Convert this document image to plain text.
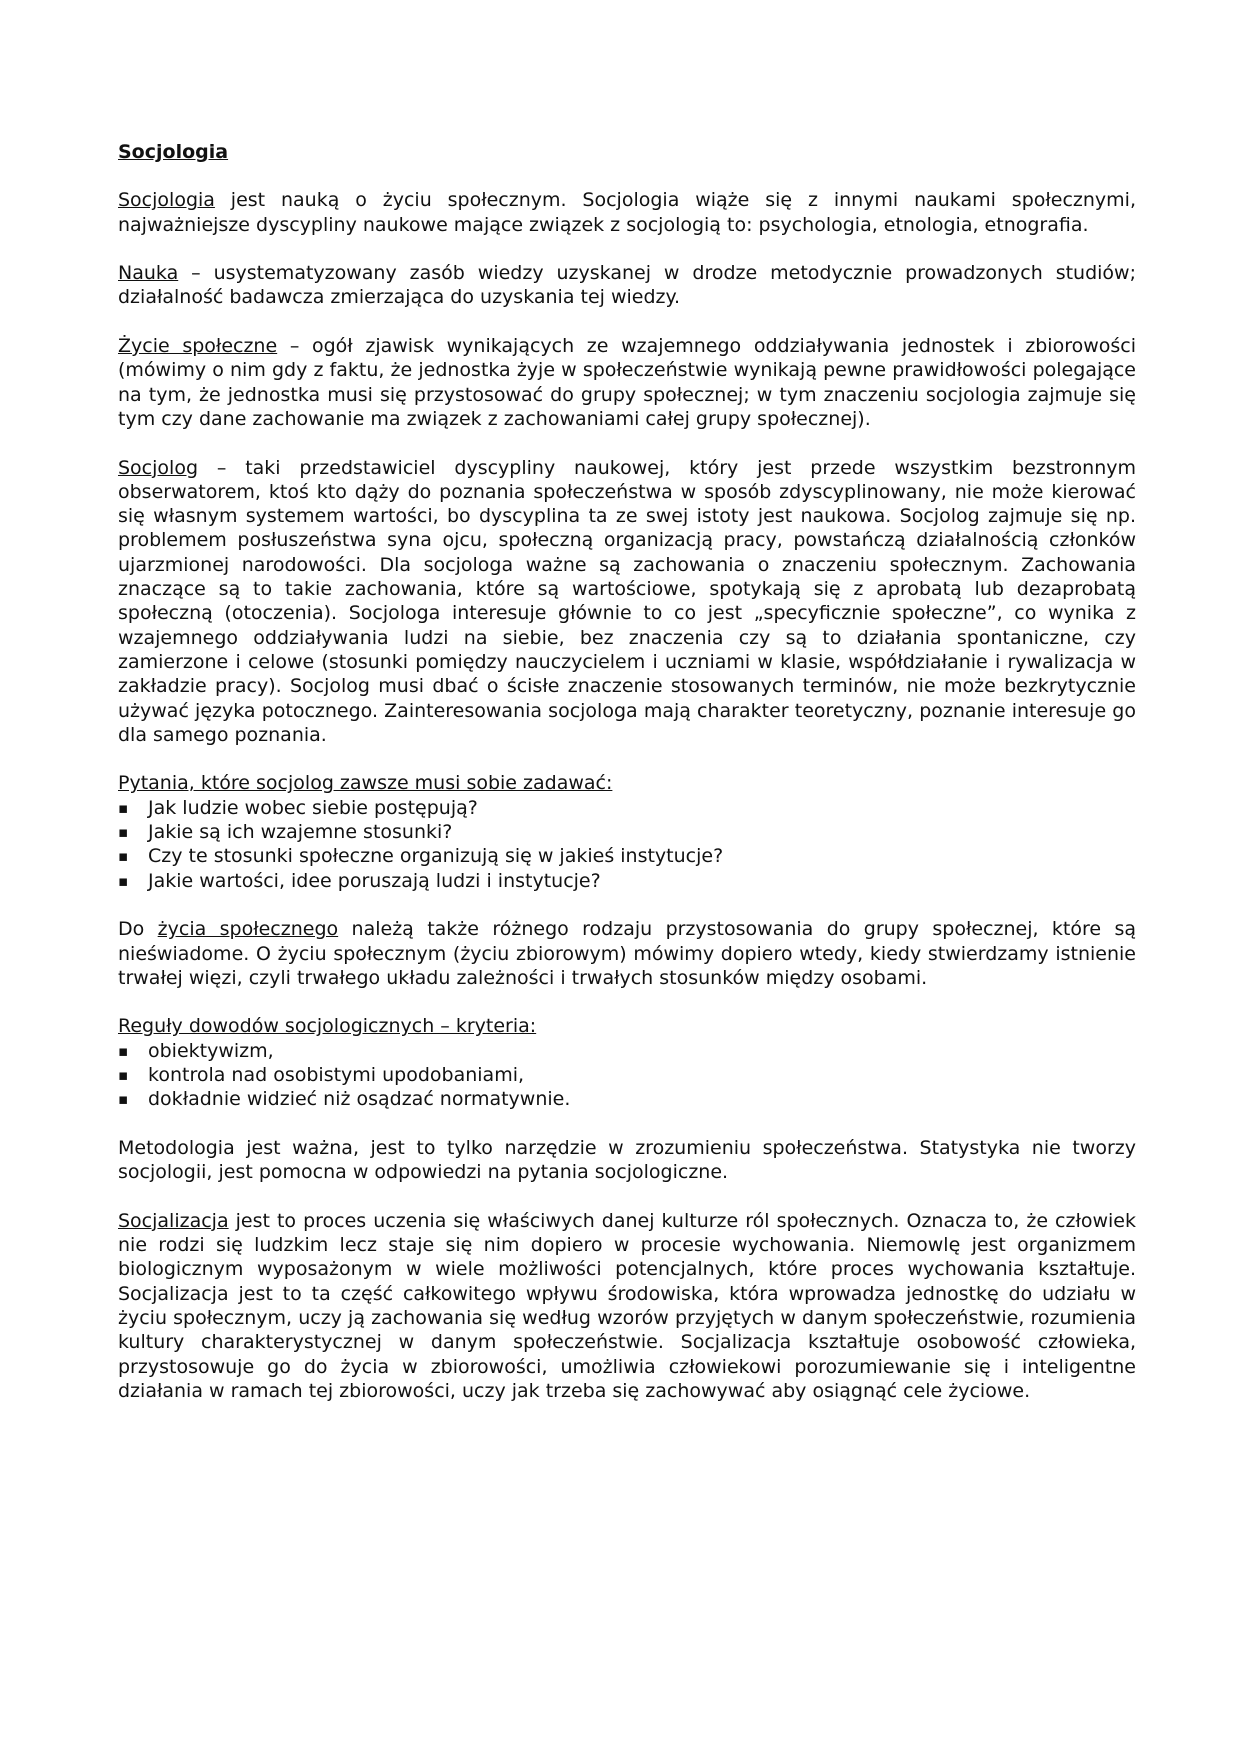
Socjologia

Socjologia jest nauką o życiu społecznym. Socjologia wiąże się z innymi naukami społecznymi, najważniejsze dyscypliny naukowe mające związek z socjologią to: psychologia, etnologia, etnografia.

Nauka – usystematyzowany zasób wiedzy uzyskanej w drodze metodycznie prowadzonych studiów; działalność badawcza zmierzająca do uzyskania tej wiedzy.

Życie społeczne – ogół zjawisk wynikających ze wzajemnego oddziaływania jednostek i zbiorowości (mówimy o nim gdy z faktu, że jednostka żyje w społeczeństwie wynikają pewne prawidłowości polegające na tym, że jednostka musi się przystosować do grupy społecznej; w tym znaczeniu socjologia zajmuje się tym czy dane zachowanie ma związek z zachowaniami całej grupy społecznej).

Socjolog – taki przedstawiciel dyscypliny naukowej, który jest przede wszystkim bezstronnym obserwatorem, ktoś kto dąży do poznania społeczeństwa w sposób zdyscyplinowany, nie może kierować się własnym systemem wartości, bo dyscyplina ta ze swej istoty jest naukowa. Socjolog zajmuje się np. problemem posłuszeństwa syna ojcu, społeczną organizacją pracy, powstańczą działalnością członków ujarzmionej narodowości. Dla socjologa ważne są zachowania o znaczeniu społecznym. Zachowania znaczące są to takie zachowania, które są wartościowe, spotykają się z aprobatą lub dezaprobatą społeczną (otoczenia). Socjologa interesuje głównie to co jest „specyficznie społeczne”, co wynika z wzajemnego oddziaływania ludzi na siebie, bez znaczenia czy są to działania spontaniczne, czy zamierzone i celowe (stosunki pomiędzy nauczycielem i uczniami w klasie, współdziałanie i rywalizacja w zakładzie pracy). Socjolog musi dbać o ścisłe znaczenie stosowanych terminów, nie może bezkrytycznie używać języka potocznego. Zainteresowania socjologa mają charakter teoretyczny, poznanie interesuje go dla samego poznania.

Pytania, które socjolog zawsze musi sobie zadawać:
▪ Jak ludzie wobec siebie postępują?
▪ Jakie są ich wzajemne stosunki?
▪ Czy te stosunki społeczne organizują się w jakieś instytucje?
▪ Jakie wartości, idee poruszają ludzi i instytucje?

Do życia społecznego należą także różnego rodzaju przystosowania do grupy społecznej, które są nieświadome. O życiu społecznym (życiu zbiorowym) mówimy dopiero wtedy, kiedy stwierdzamy istnienie trwałej więzi, czyli trwałego układu zależności i trwałych stosunków między osobami.

Reguły dowodów socjologicznych – kryteria:
▪ obiektywizm,
▪ kontrola nad osobistymi upodobaniami,
▪ dokładnie widzieć niż osądzać normatywnie.

Metodologia jest ważna, jest to tylko narzędzie w zrozumieniu społeczeństwa. Statystyka nie tworzy socjologii, jest pomocna w odpowiedzi na pytania socjologiczne.

Socjalizacja jest to proces uczenia się właściwych danej kulturze ról społecznych. Oznacza to, że człowiek nie rodzi się ludzkim lecz staje się nim dopiero w procesie wychowania. Niemowlę jest organizmem biologicznym wyposażonym w wiele możliwości potencjalnych, które proces wychowania kształtuje. Socjalizacja jest to ta część całkowitego wpływu środowiska, która wprowadza jednostkę do udziału w życiu społecznym, uczy ją zachowania się według wzorów przyjętych w danym społeczeństwie, rozumienia kultury charakterystycznej w danym społeczeństwie. Socjalizacja kształtuje osobowość człowieka, przystosowuje go do życia w zbiorowości, umożliwia człowiekowi porozumiewanie się i inteligentne działania w ramach tej zbiorowości, uczy jak trzeba się zachowywać aby osiągnąć cele życiowe.
